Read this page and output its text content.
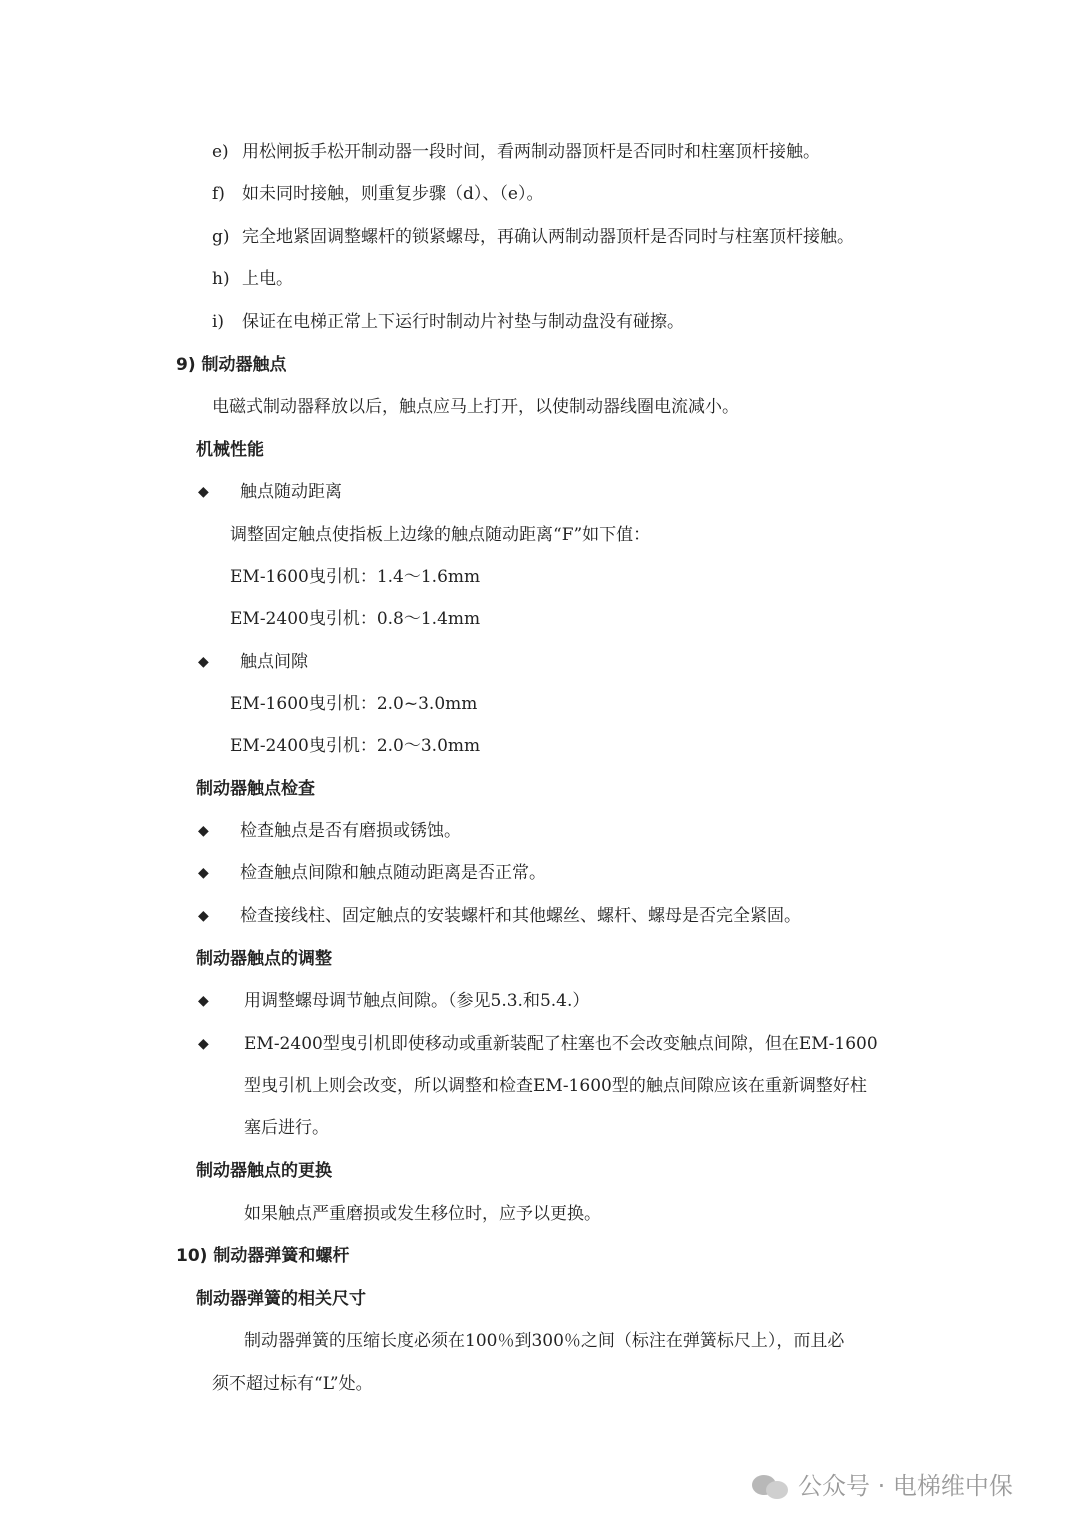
e) 用松闸扳手松开制动器一段时间，看两制动器顶杆是否同时和柱塞顶杆接触。
f) 如未同时接触，则重复步骤（d）、（e）。
g) 完全地紧固调整螺杆的锁紧螺母，再确认两制动器顶杆是否同时与柱塞顶杆接触。
h) 上电。
i) 保证在电梯正常上下运行时制动片衬垫与制动盘没有碰擦。
9) 制动器触点
电磁式制动器释放以后，触点应马上打开，以使制动器线圈电流减小。
机械性能
◆ 触点随动距离
调整固定触点使指板上边缘的触点随动距离“F”如下值：
EM-1600曳引机：1.4～1.6mm
EM-2400曳引机：0.8～1.4mm
◆ 触点间隙
EM-1600曳引机：2.0~3.0mm
EM-2400曳引机：2.0～3.0mm
制动器触点检查
◆ 检查触点是否有磨损或锈蚀。
◆ 检查触点间隙和触点随动距离是否正常。
◆ 检查接线柱、固定触点的安装螺杆和其他螺丝、螺杆、螺母是否完全紧固。
制动器触点的调整
◆ 用调整螺母调节触点间隙。（参见5.3.和5.4.）
◆ EM-2400型曳引机即使移动或重新装配了柱塞也不会改变触点间隙，但在EM-1600
型曳引机上则会改变，所以调整和检查EM-1600型的触点间隙应该在重新调整好柱
塞后进行。
制动器触点的更换
如果触点严重磨损或发生移位时，应予以更换。
10) 制动器弹簧和螺杆
制动器弹簧的相关尺寸
制动器弹簧的压缩长度必须在100％到300％之间（标注在弹簧标尺上），而且必
须不超过标有“L”处。
公众号 · 电梯维中保
